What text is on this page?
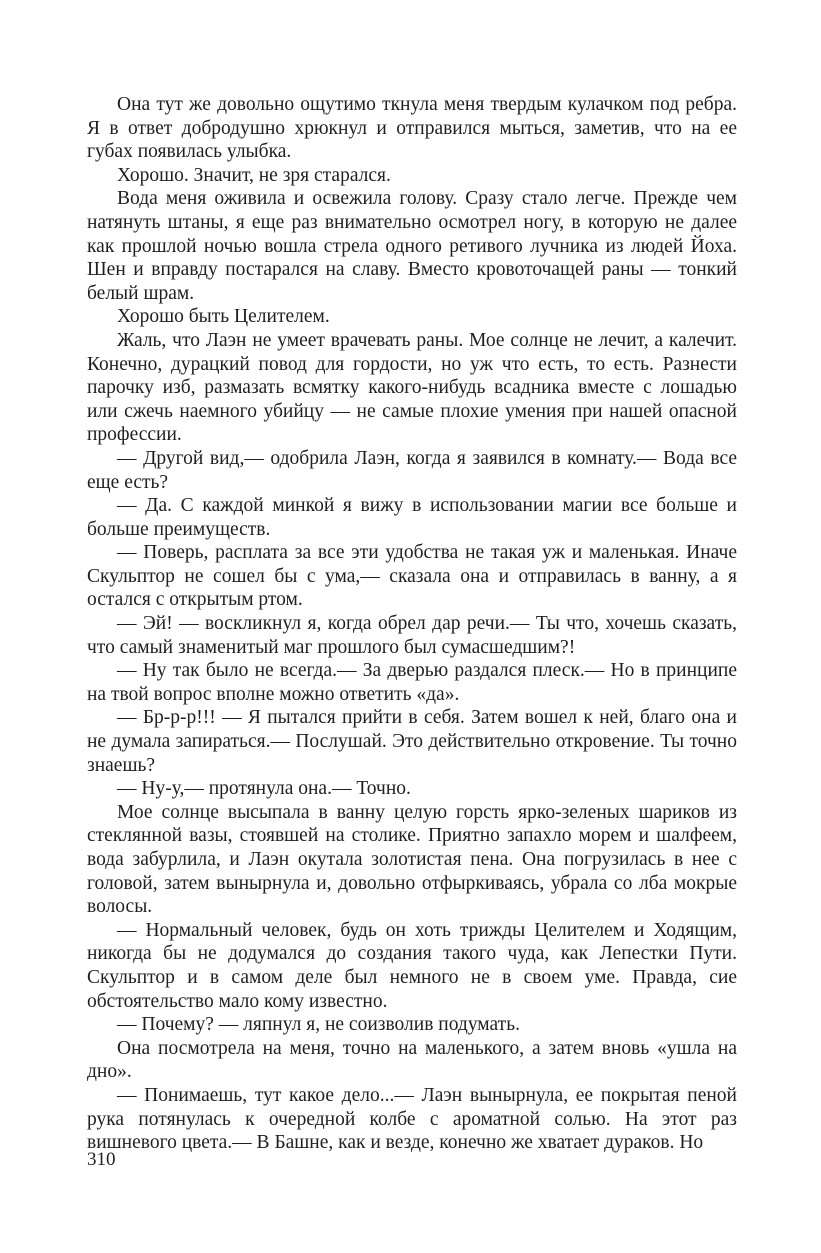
Она тут же довольно ощутимо ткнула меня твердым кулачком под ребра. Я в ответ добродушно хрюкнул и отправился мыться, заметив, что на ее губах появилась улыбка.

Хорошо. Значит, не зря старался.

Вода меня оживила и освежила голову. Сразу стало легче. Прежде чем натянуть штаны, я еще раз внимательно осмотрел ногу, в которую не далее как прошлой ночью вошла стрела одного ретивого лучника из людей Йоха. Шен и вправду постарался на славу. Вместо кровоточащей раны — тонкий белый шрам.

Хорошо быть Целителем.

Жаль, что Лаэн не умеет врачевать раны. Мое солнце не лечит, а калечит. Конечно, дурацкий повод для гордости, но уж что есть, то есть. Разнести парочку изб, размазать всмятку какого-нибудь всадника вместе с лошадью или сжечь наемного убийцу — не самые плохие умения при нашей опасной профессии.

— Другой вид,— одобрила Лаэн, когда я заявился в комнату.— Вода все еще есть?

— Да. С каждой минкой я вижу в использовании магии все больше и больше преимуществ.

— Поверь, расплата за все эти удобства не такая уж и маленькая. Иначе Скульптор не сошел бы с ума,— сказала она и отправилась в ванну, а я остался с открытым ртом.

— Эй! — воскликнул я, когда обрел дар речи.— Ты что, хочешь сказать, что самый знаменитый маг прошлого был сумасшедшим?!

— Ну так было не всегда.— За дверью раздался плеск.— Но в принципе на твой вопрос вполне можно ответить «да».

— Бр-р-р!!! — Я пытался прийти в себя. Затем вошел к ней, благо она и не думала запираться.— Послушай. Это действительно откровение. Ты точно знаешь?

— Ну-у,— протянула она.— Точно.

Мое солнце высыпала в ванну целую горсть ярко-зеленых шариков из стеклянной вазы, стоявшей на столике. Приятно запахло морем и шалфеем, вода забурлила, и Лаэн окутала золотистая пена. Она погрузилась в нее с головой, затем вынырнула и, довольно отфыркиваясь, убрала со лба мокрые волосы.

— Нормальный человек, будь он хоть трижды Целителем и Ходящим, никогда бы не додумался до создания такого чуда, как Лепестки Пути. Скульптор и в самом деле был немного не в своем уме. Правда, сие обстоятельство мало кому известно.

— Почему? — ляпнул я, не соизволив подумать.

Она посмотрела на меня, точно на маленького, а затем вновь «ушла на дно».

— Понимаешь, тут какое дело...— Лаэн вынырнула, ее покрытая пеной рука потянулась к очередной колбе с ароматной солью. На этот раз вишневого цвета.— В Башне, как и везде, конечно же хватает дураков. Но

310
